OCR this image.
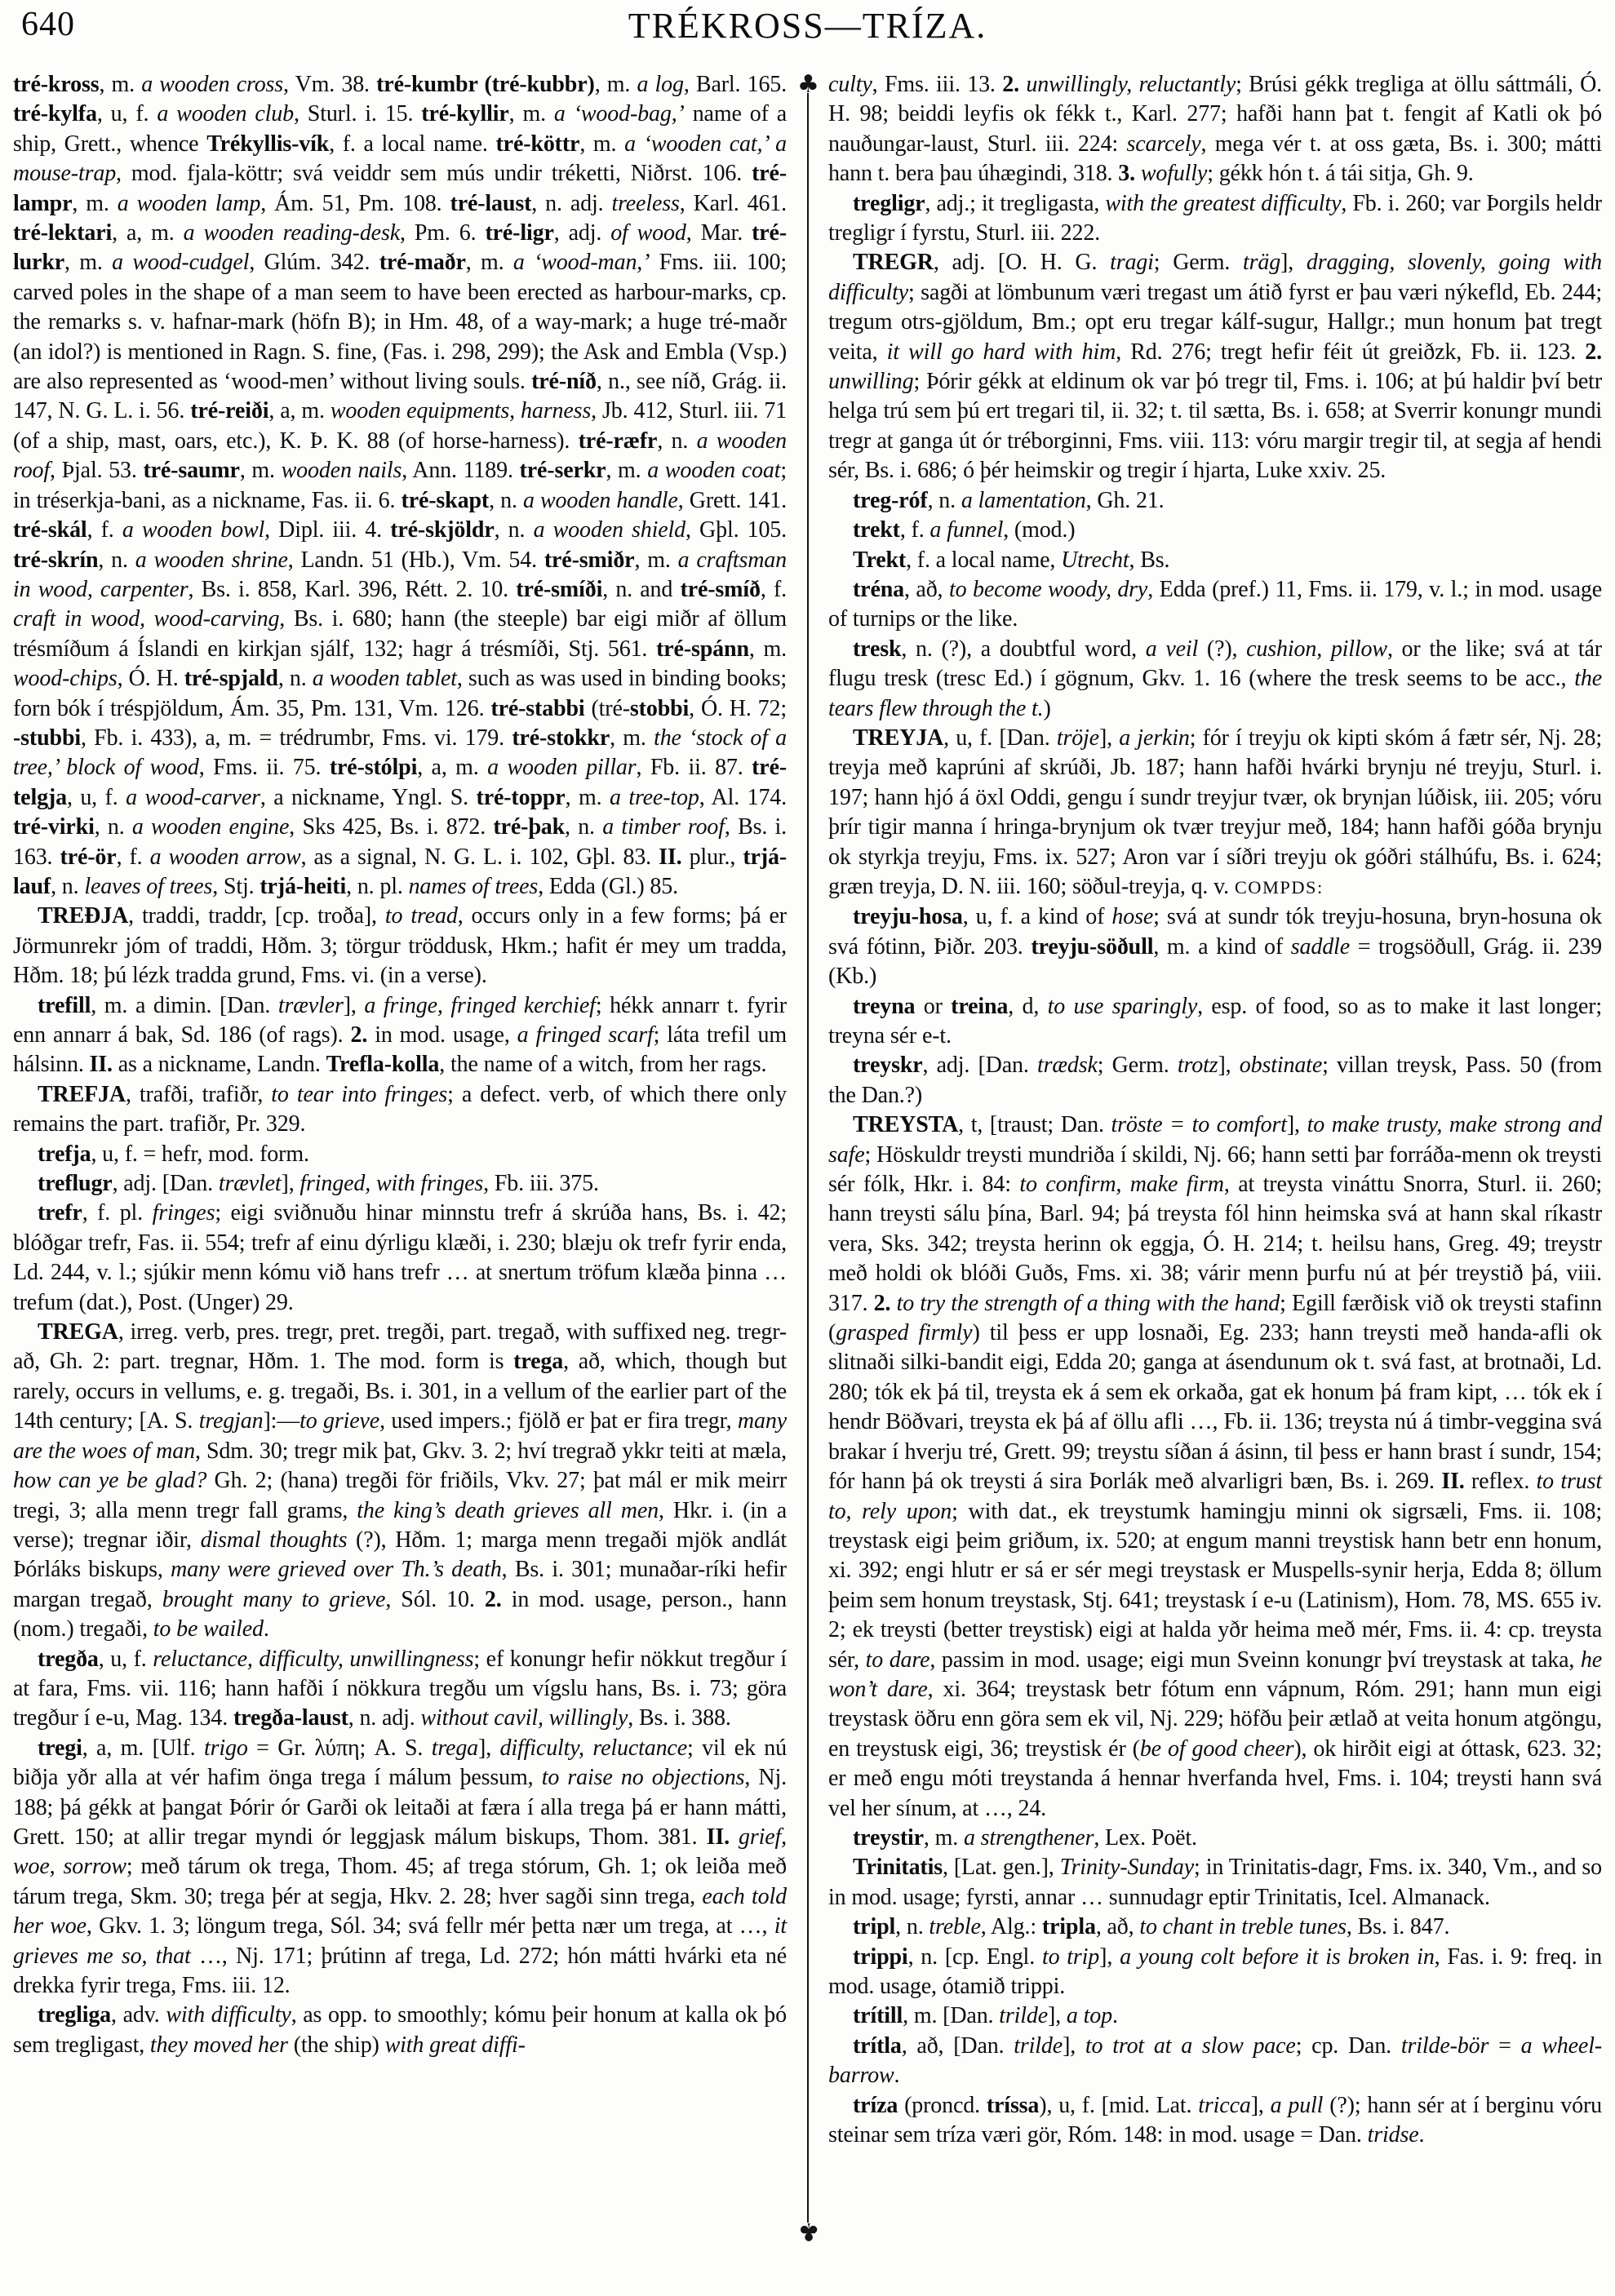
640	TRÉKROSS—TRÍZA.

tré-kross, m. a wooden cross, Vm. 38. tré-kumbr (tré-kubbr), m. a log, Barl. 165. tré-kylfa, u, f. a wooden club, Sturl. i. 15. tré-kyllir, m. a ‘wood-bag,’ name of a ship, Grett., whence Trékyllis-vík, f. a local name. tré-köttr, m. a ‘wooden cat,’ a mouse-trap, mod. fjala-köttr; svá veiddr sem mús undir tréketti, Niðrst. 106. tré-lampr, m. a wooden lamp, Ám. 51, Pm. 108. tré-laust, n. adj. treeless, Karl. 461. tré-lektari, a, m. a wooden reading-desk, Pm. 6. tré-ligr, adj. of wood, Mar. tré-lurkr, m. a wood-cudgel, Glúm. 342. tré-maðr, m. a ‘wood-man,’ Fms. iii. 100; carved poles in the shape of a man seem to have been erected as harbour-marks, cp. the remarks s. v. hafnar-mark (höfn B); in Hm. 48, of a way-mark; a huge tré-maðr (an idol?) is mentioned in Ragn. S. fine, (Fas. i. 298, 299); the Ask and Embla (Vsp.) are also represented as ‘wood-men’ without living souls. tré-níð, n., see níð, Grág. ii. 147, N. G. L. i. 56. tré-reiði, a, m. wooden equipments, harness, Jb. 412, Sturl. iii. 71 (of a ship, mast, oars, etc.), K. Þ. K. 88 (of horse-harness). tré-ræfr, n. a wooden roof, Þjal. 53. tré-saumr, m. wooden nails, Ann. 1189. tré-serkr, m. a wooden coat; in tréserkja-bani, as a nickname, Fas. ii. 6. tré-skapt, n. a wooden handle, Grett. 141. tré-skál, f. a wooden bowl, Dipl. iii. 4. tré-skjöldr, n. a wooden shield, Gþl. 105. tré-skrín, n. a wooden shrine, Landn. 51 (Hb.), Vm. 54. tré-smiðr, m. a craftsman in wood, carpenter, Bs. i. 858, Karl. 396, Rétt. 2. 10. tré-smíði, n. and tré-smíð, f. craft in wood, wood-carving, Bs. i. 680; hann (the steeple) bar eigi miðr af öllum trésmíðum á Íslandi en kirkjan sjálf, 132; hagr á trésmíði, Stj. 561. tré-spánn, m. wood-chips, Ó. H. tré-spjald, n. a wooden tablet, such as was used in binding books; forn bók í tréspjöldum, Ám. 35, Pm. 131, Vm. 126. tré-stabbi (tré-stobbi, Ó. H. 72; -stubbi, Fb. i. 433), a, m. = trédrumbr, Fms. vi. 179. tré-stokkr, m. the ‘stock of a tree,’ block of wood, Fms. ii. 75. tré-stólpi, a, m. a wooden pillar, Fb. ii. 87. tré-telgja, u, f. a wood-carver, a nickname, Yngl. S. tré-toppr, m. a tree-top, Al. 174. tré-virki, n. a wooden engine, Sks 425, Bs. i. 872. tré-þak, n. a timber roof, Bs. i. 163. tré-ör, f. a wooden arrow, as a signal, N. G. L. i. 102, Gþl. 83. II. plur., trjá-lauf, n. leaves of trees, Stj. trjá-heiti, n. pl. names of trees, Edda (Gl.) 85.

TREÐJA, traddi, traddr, [cp. troða], to tread, occurs only in a few forms; þá er Jörmunrekr jóm of traddi, Hðm. 3; törgur tröddusk, Hkm.; hafit ér mey um tradda, Hðm. 18; þú lézk tradda grund, Fms. vi. (in a verse).

trefill, m. a dimin. [Dan. trævler], a fringe, fringed kerchief; hékk annarr t. fyrir enn annarr á bak, Sd. 186 (of rags). 2. in mod. usage, a fringed scarf; láta trefil um hálsinn. II. as a nickname, Landn. Trefla-kolla, the name of a witch, from her rags.

TREFJA, trafði, trafiðr, to tear into fringes; a defect. verb, of which there only remains the part. trafiðr, Pr. 329.

trefja, u, f. = hefr, mod. form.

treflugr, adj. [Dan. trævlet], fringed, with fringes, Fb. iii. 375.

trefr, f. pl. fringes; eigi sviðnuðu hinar minnstu trefr á skrúða hans, Bs. i. 42; blóðgar trefr, Fas. ii. 554; trefr af einu dýrligu klæði, i. 230; blæju ok trefr fyrir enda, Ld. 244, v. l.; sjúkir menn kómu við hans trefr … at snertum tröfum klæða þinna … trefum (dat.), Post. (Unger) 29.

TREGA, irreg. verb, pres. tregr, pret. tregði, part. tregað, with suffixed neg. tregr-að, Gh. 2: part. tregnar, Hðm. 1. The mod. form is trega, að, which, though but rarely, occurs in vellums, e. g. tregaði, Bs. i. 301, in a vellum of the earlier part of the 14th century; [A. S. tregjan]:—to grieve, used impers.; fjölð er þat er fira tregr, many are the woes of man, Sdm. 30; tregr mik þat, Gkv. 3. 2; hví tregrað ykkr teiti at mæla, how can ye be glad? Gh. 2; (hana) tregði för friðils, Vkv. 27; þat mál er mik meirr tregi, 3; alla menn tregr fall grams, the king’s death grieves all men, Hkr. i. (in a verse); tregnar iðir, dismal thoughts (?), Hðm. 1; marga menn tregaði mjök andlát Þórláks biskups, many were grieved over Th.’s death, Bs. i. 301; munaðar-ríki hefir margan tregað, brought many to grieve, Sól. 10. 2. in mod. usage, person., hann (nom.) tregaði, to be wailed.

tregða, u, f. reluctance, difficulty, unwillingness; ef konungr hefir nökkut tregður í at fara, Fms. vii. 116; hann hafði í nökkura tregðu um vígslu hans, Bs. i. 73; göra tregður í e-u, Mag. 134. tregða-laust, n. adj. without cavil, willingly, Bs. i. 388.

tregi, a, m. [Ulf. trigo = Gr. λύπη; A. S. trega], difficulty, reluctance; vil ek nú biðja yðr alla at vér hafim önga trega í málum þessum, to raise no objections, Nj. 188; þá gékk at þangat Þórir ór Garði ok leitaði at færa í alla trega þá er hann mátti, Grett. 150; at allir tregar myndi ór leggjask málum biskups, Thom. 381. II. grief, woe, sorrow; með tárum ok trega, Thom. 45; af trega stórum, Gh. 1; ok leiða með tárum trega, Skm. 30; trega þér at segja, Hkv. 2. 28; hver sagði sinn trega, each told her woe, Gkv. 1. 3; löngum trega, Sól. 34; svá fellr mér þetta nær um trega, at …, it grieves me so, that …, Nj. 171; þrútinn af trega, Ld. 272; hón mátti hvárki eta né drekka fyrir trega, Fms. iii. 12.

tregliga, adv. with difficulty, as opp. to smoothly; kómu þeir honum at kalla ok þó sem tregligast, they moved her (the ship) with great diffi-

culty, Fms. iii. 13. 2. unwillingly, reluctantly; Brúsi gékk tregliga at öllu sáttmáli, Ó. H. 98; beiddi leyfis ok fékk t., Karl. 277; hafði hann þat t. fengit af Katli ok þó nauðungar-laust, Sturl. iii. 224: scarcely, mega vér t. at oss gæta, Bs. i. 300; mátti hann t. bera þau úhægindi, 318. 3. wofully; gékk hón t. á tái sitja, Gh. 9.

tregligr, adj.; it tregligasta, with the greatest difficulty, Fb. i. 260; var Þorgils heldr tregligr í fyrstu, Sturl. iii. 222.

TREGR, adj. [O. H. G. tragi; Germ. träg], dragging, slovenly, going with difficulty; sagði at lömbunum væri tregast um átið fyrst er þau væri nýkefld, Eb. 244; tregum otrs-gjöldum, Bm.; opt eru tregar kálf-sugur, Hallgr.; mun honum þat tregt veita, it will go hard with him, Rd. 276; tregt hefir féit út greiðzk, Fb. ii. 123. 2. unwilling; Þórir gékk at eldinum ok var þó tregr til, Fms. i. 106; at þú haldir því betr helga trú sem þú ert tregari til, ii. 32; t. til sætta, Bs. i. 658; at Sverrir konungr mundi tregr at ganga út ór tréborginni, Fms. viii. 113: vóru margir tregir til, at segja af hendi sér, Bs. i. 686; ó þér heimskir og tregir í hjarta, Luke xxiv. 25.

treg-róf, n. a lamentation, Gh. 21.

trekt, f. a funnel, (mod.)

Trekt, f. a local name, Utrecht, Bs.

tréna, að, to become woody, dry, Edda (pref.) 11, Fms. ii. 179, v. l.; in mod. usage of turnips or the like.

tresk, n. (?), a doubtful word, a veil (?), cushion, pillow, or the like; svá at tár flugu tresk (tresc Ed.) í gögnum, Gkv. 1. 16 (where the tresk seems to be acc., the tears flew through the t.)

TREYJA, u, f. [Dan. tröje], a jerkin; fór í treyju ok kipti skóm á fætr sér, Nj. 28; treyja með kaprúni af skrúði, Jb. 187; hann hafði hvárki brynju né treyju, Sturl. i. 197; hann hjó á öxl Oddi, gengu í sundr treyjur tvær, ok brynjan lúðisk, iii. 205; vóru þrír tigir manna í hringa-brynjum ok tvær treyjur með, 184; hann hafði góða brynju ok styrkja treyju, Fms. ix. 527; Aron var í síðri treyju ok góðri stálhúfu, Bs. i. 624; græn treyja, D. N. iii. 160; söðul-treyja, q. v. COMPDS:

treyju-hosa, u, f. a kind of hose; svá at sundr tók treyju-hosuna, bryn-hosuna ok svá fótinn, Þiðr. 203. treyju-söðull, m. a kind of saddle = trogsöðull, Grág. ii. 239 (Kb.)

treyna or treina, d, to use sparingly, esp. of food, so as to make it last longer; treyna sér e-t.

treyskr, adj. [Dan. trædsk; Germ. trotz], obstinate; villan treysk, Pass. 50 (from the Dan.?)

TREYSTA, t, [traust; Dan. tröste = to comfort], to make trusty, make strong and safe; Höskuldr treysti mundriða í skildi, Nj. 66; hann setti þar forráða-menn ok treysti sér fólk, Hkr. i. 84: to confirm, make firm, at treysta vináttu Snorra, Sturl. ii. 260; hann treysti sálu þína, Barl. 94; þá treysta fól hinn heimska svá at hann skal ríkastr vera, Sks. 342; treysta herinn ok eggja, Ó. H. 214; t. heilsu hans, Greg. 49; treystr með holdi ok blóði Guðs, Fms. xi. 38; várir menn þurfu nú at þér treystið þá, viii. 317. 2. to try the strength of a thing with the hand; Egill færðisk við ok treysti stafinn (grasped firmly) til þess er upp losnaði, Eg. 233; hann treysti með handa-afli ok slitnaði silki-bandit eigi, Edda 20; ganga at ásendunum ok t. svá fast, at brotnaði, Ld. 280; tók ek þá til, treysta ek á sem ek orkaða, gat ek honum þá fram kipt, … tók ek í hendr Böðvari, treysta ek þá af öllu afli …, Fb. ii. 136; treysta nú á timbr-veggina svá brakar í hverju tré, Grett. 99; treystu síðan á ásinn, til þess er hann brast í sundr, 154; fór hann þá ok treysti á sira Þorlák með alvarligri bæn, Bs. i. 269. II. reflex. to trust to, rely upon; with dat., ek treystumk hamingju minni ok sigrsæli, Fms. ii. 108; treystask eigi þeim griðum, ix. 520; at engum manni treystisk hann betr enn honum, xi. 392; engi hlutr er sá er sér megi treystask er Muspells-synir herja, Edda 8; öllum þeim sem honum treystask, Stj. 641; treystask í e-u (Latinism), Hom. 78, MS. 655 iv. 2; ek treysti (better treystisk) eigi at halda yðr heima með mér, Fms. ii. 4: cp. treysta sér, to dare, passim in mod. usage; eigi mun Sveinn konungr því treystask at taka, he won’t dare, xi. 364; treystask betr fótum enn vápnum, Róm. 291; hann mun eigi treystask öðru enn göra sem ek vil, Nj. 229; höfðu þeir ætlað at veita honum atgöngu, en treystusk eigi, 36; treystisk ér (be of good cheer), ok hirðit eigi at óttask, 623. 32; er með engu móti treystanda á hennar hverfanda hvel, Fms. i. 104; treysti hann svá vel her sínum, at …, 24.

treystir, m. a strengthener, Lex. Poët.

Trinitatis, [Lat. gen.], Trinity-Sunday; in Trinitatis-dagr, Fms. ix. 340, Vm., and so in mod. usage; fyrsti, annar … sunnudagr eptir Trinitatis, Icel. Almanack.

tripl, n. treble, Alg.: tripla, að, to chant in treble tunes, Bs. i. 847.

trippi, n. [cp. Engl. to trip], a young colt before it is broken in, Fas. i. 9: freq. in mod. usage, ótamið trippi.

trítill, m. [Dan. trilde], a top.

trítla, að, [Dan. trilde], to trot at a slow pace; cp. Dan. trilde-bör = a wheel-barrow.

tríza (proncd. tríssa), u, f. [mid. Lat. tricca], a pull (?); hann sér at í berginu vóru steinar sem tríza væri gör, Róm. 148: in mod. usage = Dan. tridse.

♣
♣
